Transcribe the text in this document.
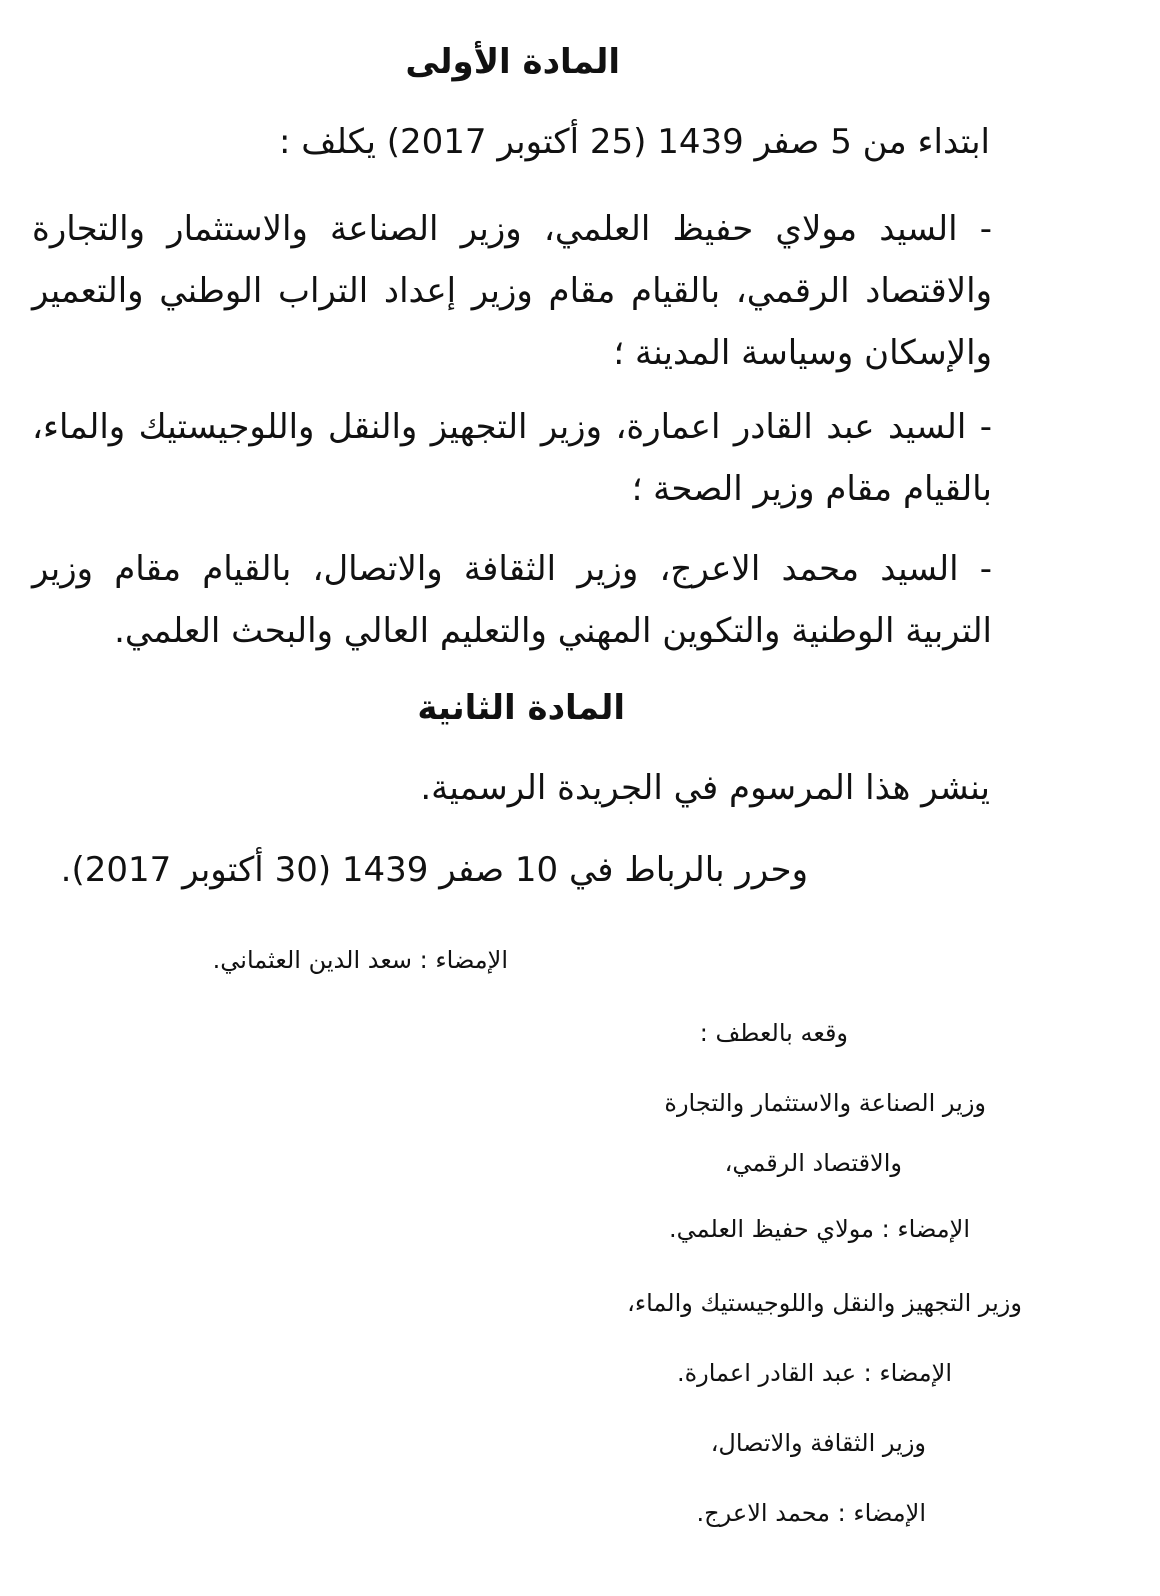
المادة الأولى
ابتداء من 5 صفر 1439 (25 أكتوبر 2017) يكلف :
- السيد مولاي حفيظ العلمي، وزير الصناعة والاستثمار والتجارة والاقتصاد الرقمي، بالقيام مقام وزير إعداد التراب الوطني والتعمير والإسكان وسياسة المدينة ؛
- السيد عبد القادر اعمارة، وزير التجهيز والنقل واللوجيستيك والماء، بالقيام مقام وزير الصحة ؛
- السيد محمد الاعرج، وزير الثقافة والاتصال، بالقيام مقام وزير التربية الوطنية والتكوين المهني والتعليم العالي والبحث العلمي.
المادة الثانية
ينشر هذا المرسوم في الجريدة الرسمية.
وحرر بالرباط في 10 صفر 1439 (30 أكتوبر 2017).
الإمضاء : سعد الدين العثماني.
وقعه بالعطف :
وزير الصناعة والاستثمار والتجارة
والاقتصاد الرقمي،
الإمضاء : مولاي حفيظ العلمي.
وزير التجهيز والنقل واللوجيستيك والماء،
الإمضاء : عبد القادر اعمارة.
وزير الثقافة والاتصال،
الإمضاء : محمد الاعرج.
